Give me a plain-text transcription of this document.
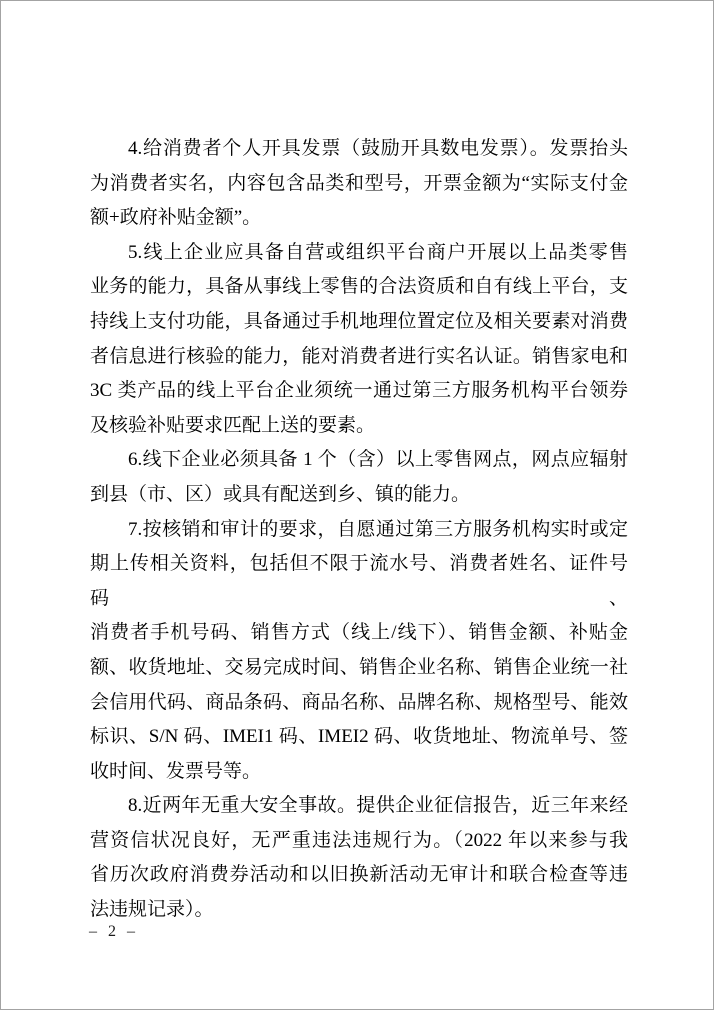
4.给消费者个人开具发票（鼓励开具数电发票）。发票抬头
为消费者实名，内容包含品类和型号，开票金额为“实际支付金
额+政府补贴金额”。
5.线上企业应具备自营或组织平台商户开展以上品类零售
业务的能力，具备从事线上零售的合法资质和自有线上平台，支
持线上支付功能，具备通过手机地理位置定位及相关要素对消费
者信息进行核验的能力，能对消费者进行实名认证。销售家电和
3C 类产品的线上平台企业须统一通过第三方服务机构平台领券
及核验补贴要求匹配上送的要素。
6.线下企业必须具备 1 个（含）以上零售网点，网点应辐射
到县（市、区）或具有配送到乡、镇的能力。
7.按核销和审计的要求，自愿通过第三方服务机构实时或定
期上传相关资料，包括但不限于流水号、消费者姓名、证件号码、
消费者手机号码、销售方式（线上/线下）、销售金额、补贴金
额、收货地址、交易完成时间、销售企业名称、销售企业统一社
会信用代码、商品条码、商品名称、品牌名称、规格型号、能效
标识、S/N 码、IMEI1 码、IMEI2 码、收货地址、物流单号、签
收时间、发票号等。
8.近两年无重大安全事故。提供企业征信报告，近三年来经
营资信状况良好，无严重违法违规行为。（2022 年以来参与我
省历次政府消费券活动和以旧换新活动无审计和联合检查等违
法违规记录）。
– 2 –
